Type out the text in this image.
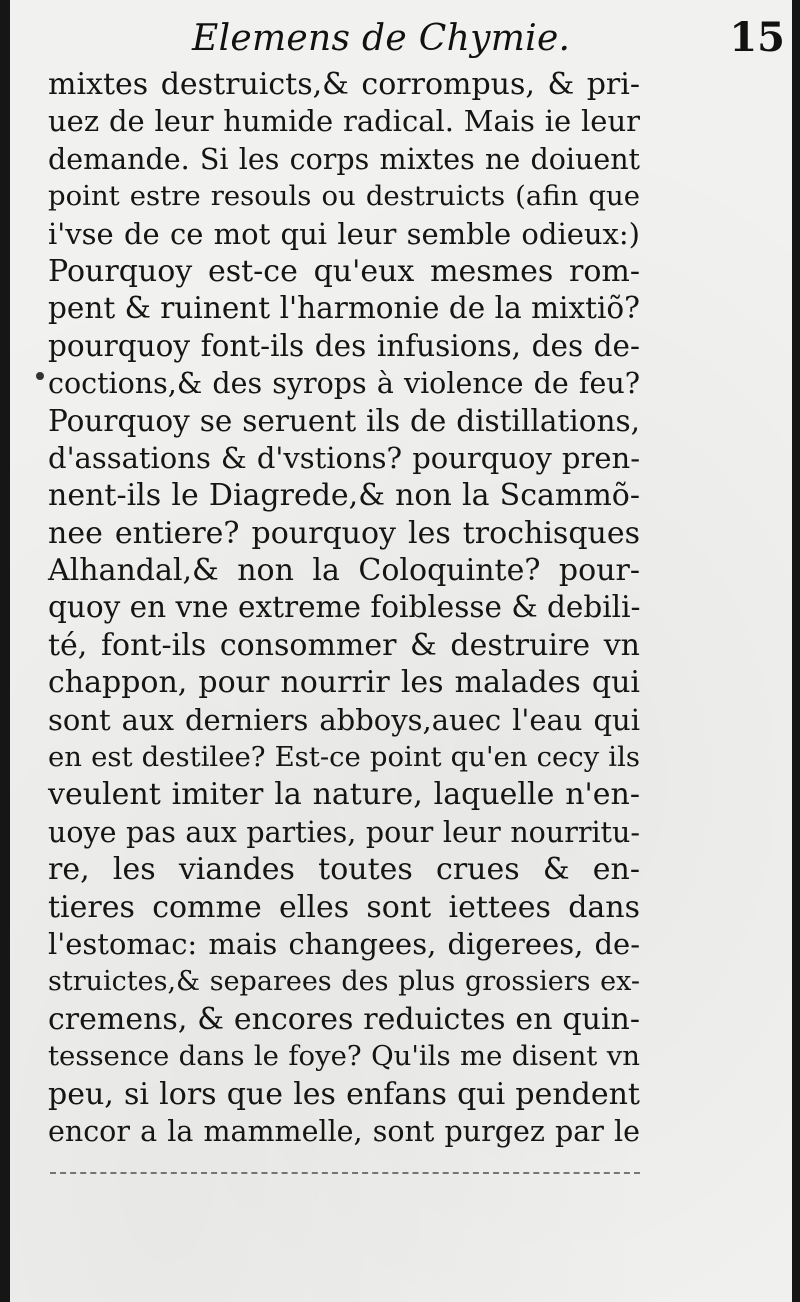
Elemens de Chymie.	15
mixtes destruicts,& corrompus, & pri-
uez de leur humide radical. Mais ie leur
demande. Si les corps mixtes ne doiuent
point estre resouls ou destruicts (afin que
i'vse de ce mot qui leur semble odieux:)
Pourquoy est-ce qu'eux mesmes rom-
pent & ruinent l'harmonie de la mixtiõ?
pourquoy font-ils des infusions, des de-
coctions,& des syrops à violence de feu?
Pourquoy se seruent ils de distillations,
d'assations & d'vstions? pourquoy pren-
nent-ils le Diagrede,& non la Scammõ-
nee entiere? pourquoy les trochisques
Alhandal,& non la Coloquinte? pour-
quoy en vne extreme foiblesse & debili-
té, font-ils consommer & destruire vn
chappon, pour nourrir les malades qui
sont aux derniers abboys,auec l'eau qui
en est destilee? Est-ce point qu'en cecy ils
veulent imiter la nature, laquelle n'en-
uoye pas aux parties, pour leur nourritu-
re, les viandes toutes crues & en-
tieres comme elles sont iettees dans
l'estomac: mais changees, digerees, de-
struictes,& separees des plus grossiers ex-
cremens, & encores reduictes en quin-
tessence dans le foye? Qu'ils me disent vn
peu, si lors que les enfans qui pendent
encor a la mammelle, sont purgez par le
